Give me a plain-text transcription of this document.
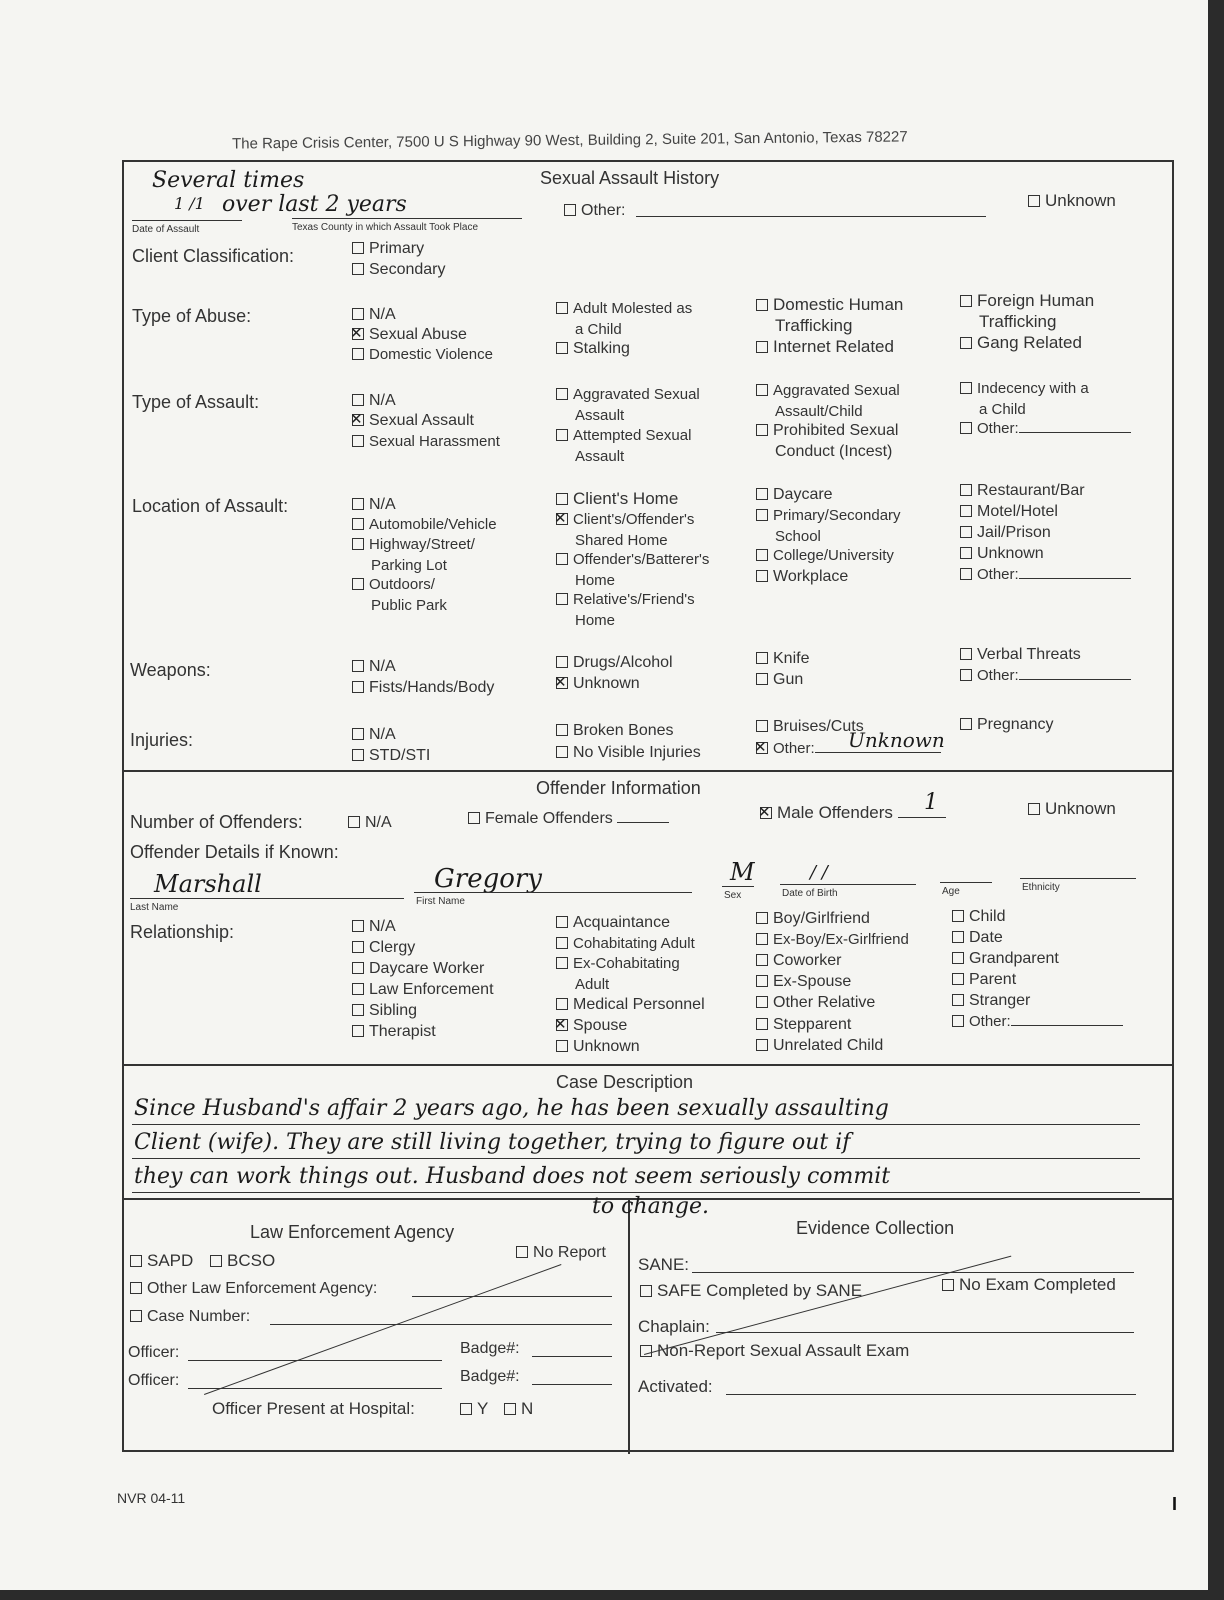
The Rape Crisis Center, 7500 U S Highway 90 West, Building 2, Suite 201, San Antonio, Texas 78227
Sexual Assault History
Several times
1 /1 over last 2 years
Date of Assault	Texas County in which Assault Took Place
Other:
Unknown
Client Classification:	Primary
Secondary
Type of Abuse:	N/A
✕Sexual Abuse
Domestic Violence
Adult Molested as
a Child
Stalking
Domestic Human
Trafficking
Internet Related
Foreign Human
Trafficking
Gang Related
Type of Assault:	N/A
✕Sexual Assault
Sexual Harassment
Aggravated Sexual
Assault
Attempted Sexual
Assault
Aggravated Sexual
Assault/Child
Prohibited Sexual
Conduct (Incest)
Indecency with a
a Child
Other:
Location of Assault:	N/A
Automobile/Vehicle
Highway/Street/
Parking Lot
Outdoors/
Public Park
Client's Home
✕Client's/Offender's
Shared Home
Offender's/Batterer's
Home
Relative's/Friend's
Home
Daycare
Primary/Secondary
School
College/University
Workplace
Restaurant/Bar
Motel/Hotel
Jail/Prison
Unknown
Other:
Weapons:	N/A
Fists/Hands/Body
Drugs/Alcohol
✕Unknown
Knife
Gun
Verbal Threats
Other:
Injuries:	N/A
STD/STI
Broken Bones
No Visible Injuries
Bruises/Cuts
✕Other:	Unknown
Pregnancy
Offender Information
Number of Offenders:	N/A	Female Offenders
✕	Male Offenders	1	Unknown
Offender Details if Known:
Marshall
Last Name
Gregory
First Name
M
Sex
/ /
Date of Birth	Age	Ethnicity
Relationship:	N/A
Clergy
Daycare Worker
Law Enforcement
Sibling
Therapist
Acquaintance
Cohabitating Adult
Ex-Cohabitating
Adult
Medical Personnel
✕Spouse
Unknown
Boy/Girlfriend
Ex-Boy/Ex-Girlfriend
Coworker
Ex-Spouse
Other Relative
Stepparent
Unrelated Child
Child
Date
Grandparent
Parent
Stranger
Other:
Case Description
Since Husband's affair 2 years ago, he has been sexually assaulting
Client (wife). They are still living together, trying to figure out if
they can work things out. Husband does not seem seriously commit
to change.
Law Enforcement Agency
SAPD	BCSO	No Report
Other Law Enforcement Agency:
Case Number:
Officer:	Badge#:
Officer:	Badge#:
Officer Present at Hospital:	Y	N
Evidence Collection
SANE:
SAFE Completed by SANE	No Exam Completed
Chaplain:
Non-Report Sexual Assault Exam
Activated:
NVR 04-11	I
